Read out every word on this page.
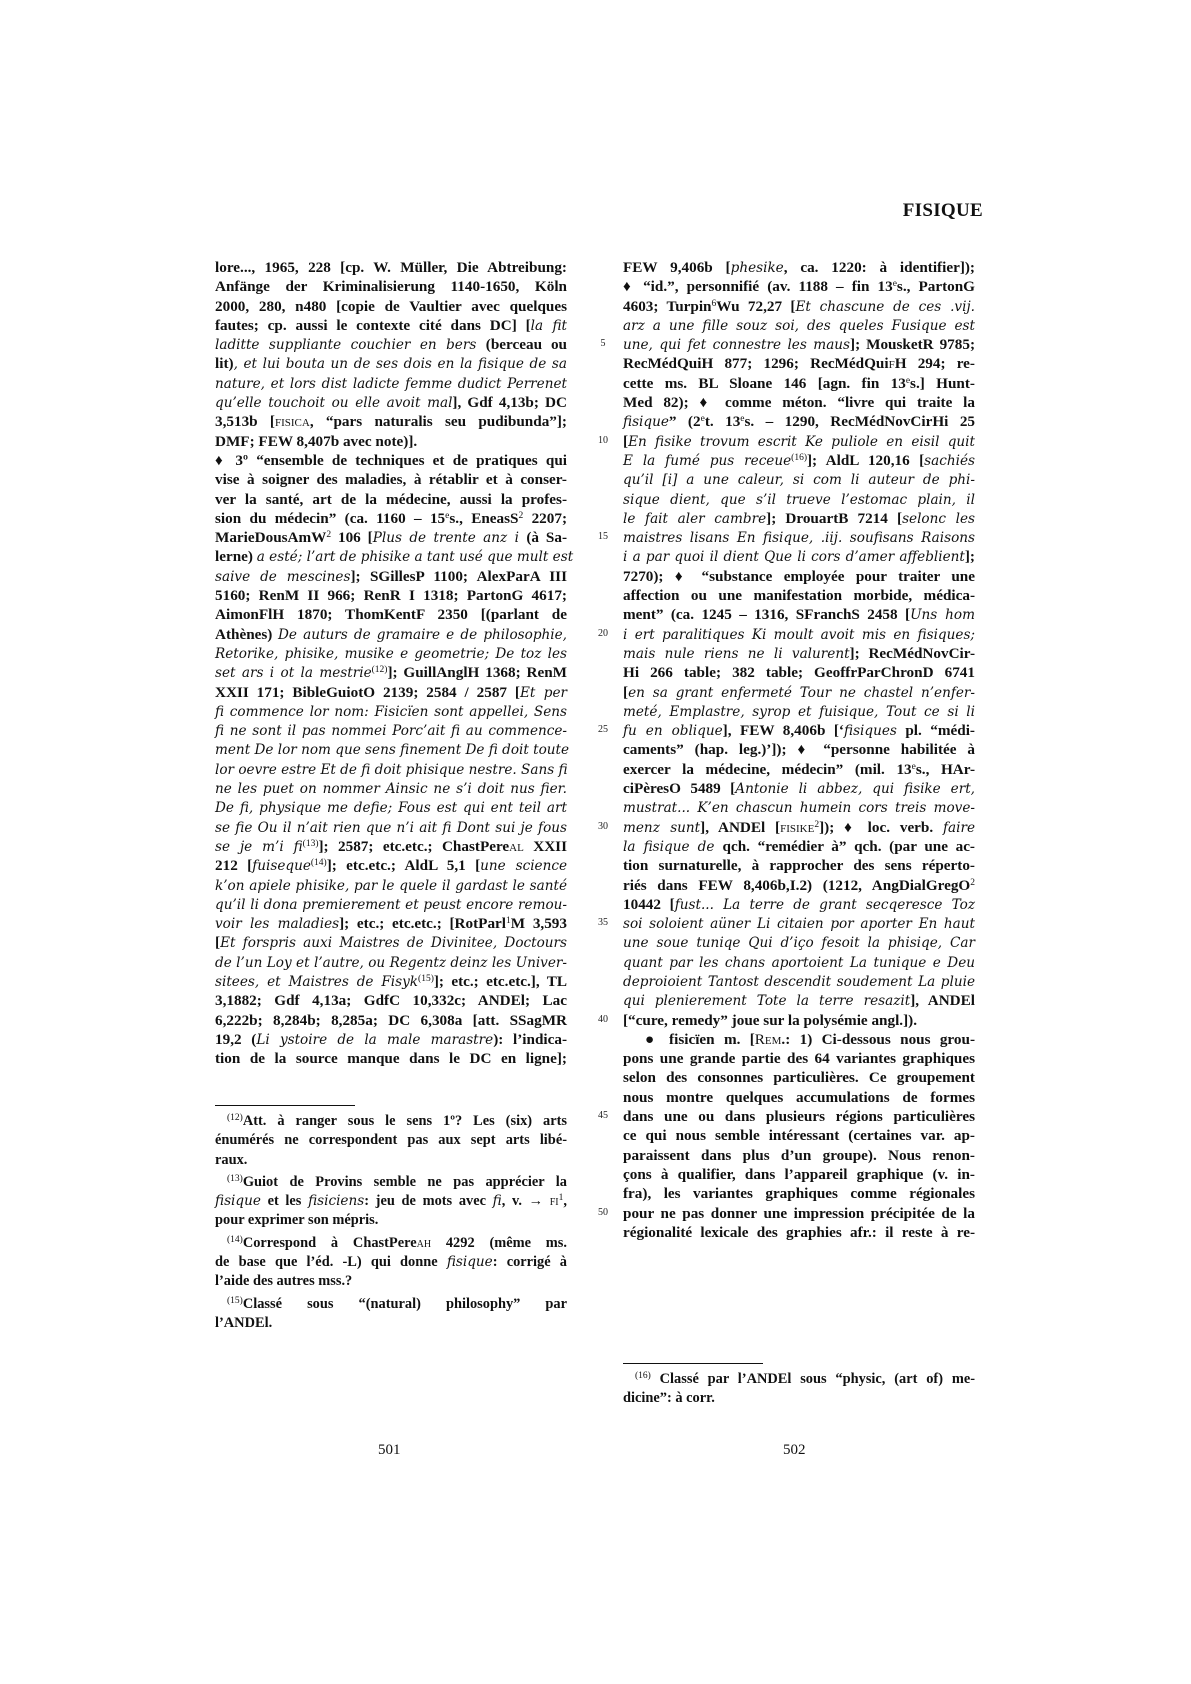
FISIQUE
lore..., 1965, 228 [cp. W. Müller, Die Abtreibung:
Anfänge der Kriminalisierung 1140-1650, Köln
2000, 280, n480 [copie de Vaultier avec quelques
fautes; cp. aussi le contexte cité dans DC] [la fit
laditte suppliante couchier en bers (berceau ou
lit), et lui bouta un de ses dois en la fisique de sa
nature, et lors dist ladicte femme dudict Perrenet
qu’elle touchoit ou elle avoit mal], Gdf 4,13b; DC
3,513b [fisica, “pars naturalis seu pudibunda”];
DMF; FEW 8,407b avec note)].
♦ 3º “ensemble de techniques et de pratiques qui
vise à soigner des maladies, à rétablir et à conser-
ver la santé, art de la médecine, aussi la profes-
sion du médecin” (ca. 1160 – 15es., EneasS$^2$ 2207;
MarieDousAmW$^2$ 106 [Plus de trente anz i (à Sa-
lerne) a esté; l’art de phisike a tant usé que mult est
saive de mescines]; SGillesP 1100; AlexParA III
5160; RenM II 966; RenR I 1318; PartonG 4617;
AimonFlH 1870; ThomKentF 2350 [(parlant de
Athènes) De auturs de gramaire e de philosophie,
Retorike, phisike, musike e geometrie; De toz les
set ars i ot la mestrie$^{(12)}$]; GuillAnglH 1368; RenM
XXII 171; BibleGuiotO 2139; 2584 / 2587 [Et per
fi commence lor nom: Fisicïen sont appellei, Sens
fi ne sont il pas nommei Porc’ait fi au commence-
ment De lor nom que sens finement De fi doit toute
lor oevre estre Et de fi doit phisique nestre. Sans fi
ne les puet on nommer Ainsic ne s’i doit nus fier.
De fi, physique me defie; Fous est qui ent teil art
se fie Ou il n’ait rien que n’i ait fi Dont sui je fous
se je m’i $fi^{(13)}$]; 2587; etc.etc.; ChastPereal XXII
212 [fuiseque$^{(14)}$]; etc.etc.; AldL 5,1 [une science
k’on apiele phisike, par le quele il gardast le santé
qu’il li dona premierement et peust encore remou-
voir les maladies]; etc.; etc.etc.; [RotParl$^1$M 3,593
[Et forspris auxi Maistres de Divinitee, Doctours
de l’un Loy et l’autre, ou Regentz deinz les Univer-
sitees, et Maistres de Fisyk$^{(15)}$]; etc.; etc.etc.], TL
3,1882; Gdf 4,13a; GdfC 10,332c; ANDEl; Lac
6,222b; 8,284b; 8,285a; DC 6,308a [att. SSagMR
19,2 (Li ystoire de la male marastre): l’indica-
tion de la source manque dans le DC en ligne];
5
10
15
20
25
30
35
40
45
50
FEW 9,406b [phesike, ca. 1220: à identifier]);
♦ “id.”, personnifié (av. 1188 – fin 13es., PartonG
4603; Turpin$^6$Wu 72,27 [Et chascune de ces .vij.
arz a une fille souz soi, des queles Fusique est
une, qui fet connestre les maus]; MousketR 9785;
RecMédQuiH 877; 1296; RecMédQuifH 294; re-
cette ms. BL Sloane 146 [agn. fin 13es.] Hunt-
Med 82); ♦ comme méton. “livre qui traite la
fisique” (2et. 13es. – 1290, RecMédNovCirHi 25
[En fisike trovum escrit Ke puliole en eisil quit
E la fumé pus receue$^{(16)}$]; AldL 120,16 [sachiés
qu’il [i] a une caleur, si com li auteur de phi-
sique dient, que s’il trueve l’estomac plain, il
le fait aler cambre]; DrouartB 7214 [selonc les
maistres lisans En fisique, .iij. soufisans Raisons
i a par quoi il dient Que li cors d’amer affeblient];
7270); ♦ “substance employée pour traiter une
affection ou une manifestation morbide, médica-
ment” (ca. 1245 – 1316, SFranchS 2458 [Uns hom
i ert paralitiques Ki moult avoit mis en fisiques;
mais nule riens ne li valurent]; RecMédNovCir-
Hi 266 table; 382 table; GeoffrParChronD 6741
[en sa grant enfermeté Tour ne chastel n’enfer-
meté, Emplastre, syrop et fuisique, Tout ce si li
fu en oblique], FEW 8,406b [‘fisiques pl. “médi-
caments” (hap. leg.)’]); ♦ “personne habilitée à
exercer la médecine, médecin” (mil. 13es., HAr-
ciPèresO 5489 [Antonie li abbez, qui fisike ert,
mustrat... K’en chascun humein cors treis move-
menz sunt], ANDEl [fisike$^2$]); ♦ loc. verb. faire
la fisique de qch. “remédier à” qch. (par une ac-
tion surnaturelle, à rapprocher des sens réperto-
riés dans FEW 8,406b,I.2) (1212, AngDialGregO$^2$
10442 [fust... La terre de grant secqeresce Toz
soi soloient aüner Li citaien por aporter En haut
une soue tuniqe Qui d’iço fesoit la phisiqe, Car
quant par les chans aportoient La tunique e Deu
deproioient Tantost descendit soudement La pluie
qui plenierement Tote la terre resazit], ANDEl
[“cure, remedy” joue sur la polysémie angl.]).
● fisicïen m. [Rem.: 1) Ci-dessous nous grou-
pons une grande partie des 64 variantes graphiques
selon des consonnes particulières. Ce groupement
nous montre quelques accumulations de formes
dans une ou dans plusieurs régions particulières
ce qui nous semble intéressant (certaines var. ap-
paraissent dans plus d’un groupe). Nous renon-
çons à qualifier, dans l’appareil graphique (v. in-
fra), les variantes graphiques comme régionales
pour ne pas donner une impression précipitée de la
régionalité lexicale des graphies afr.: il reste à re-
$^{(12)}$Att. à ranger sous le sens 1º? Les (six) arts
énumérés ne correspondent pas aux sept arts libé-
raux.
$^{(13)}$Guiot de Provins semble ne pas apprécier la
fisique et les fisiciens: jeu de mots avec fi, v. → $fi^1$,
pour exprimer son mépris.
$^{(14)}$Correspond à ChastPereah 4292 (même ms.
de base que l’éd. -L) qui donne fisique: corrigé à
l’aide des autres mss.?
$^{(15)}$Classé sous “(natural) philosophy” par
l’ANDEl.
$^{(16)}$ Classé par l’ANDEl sous “physic, (art of) me-
dicine”: à corr.
501	502
